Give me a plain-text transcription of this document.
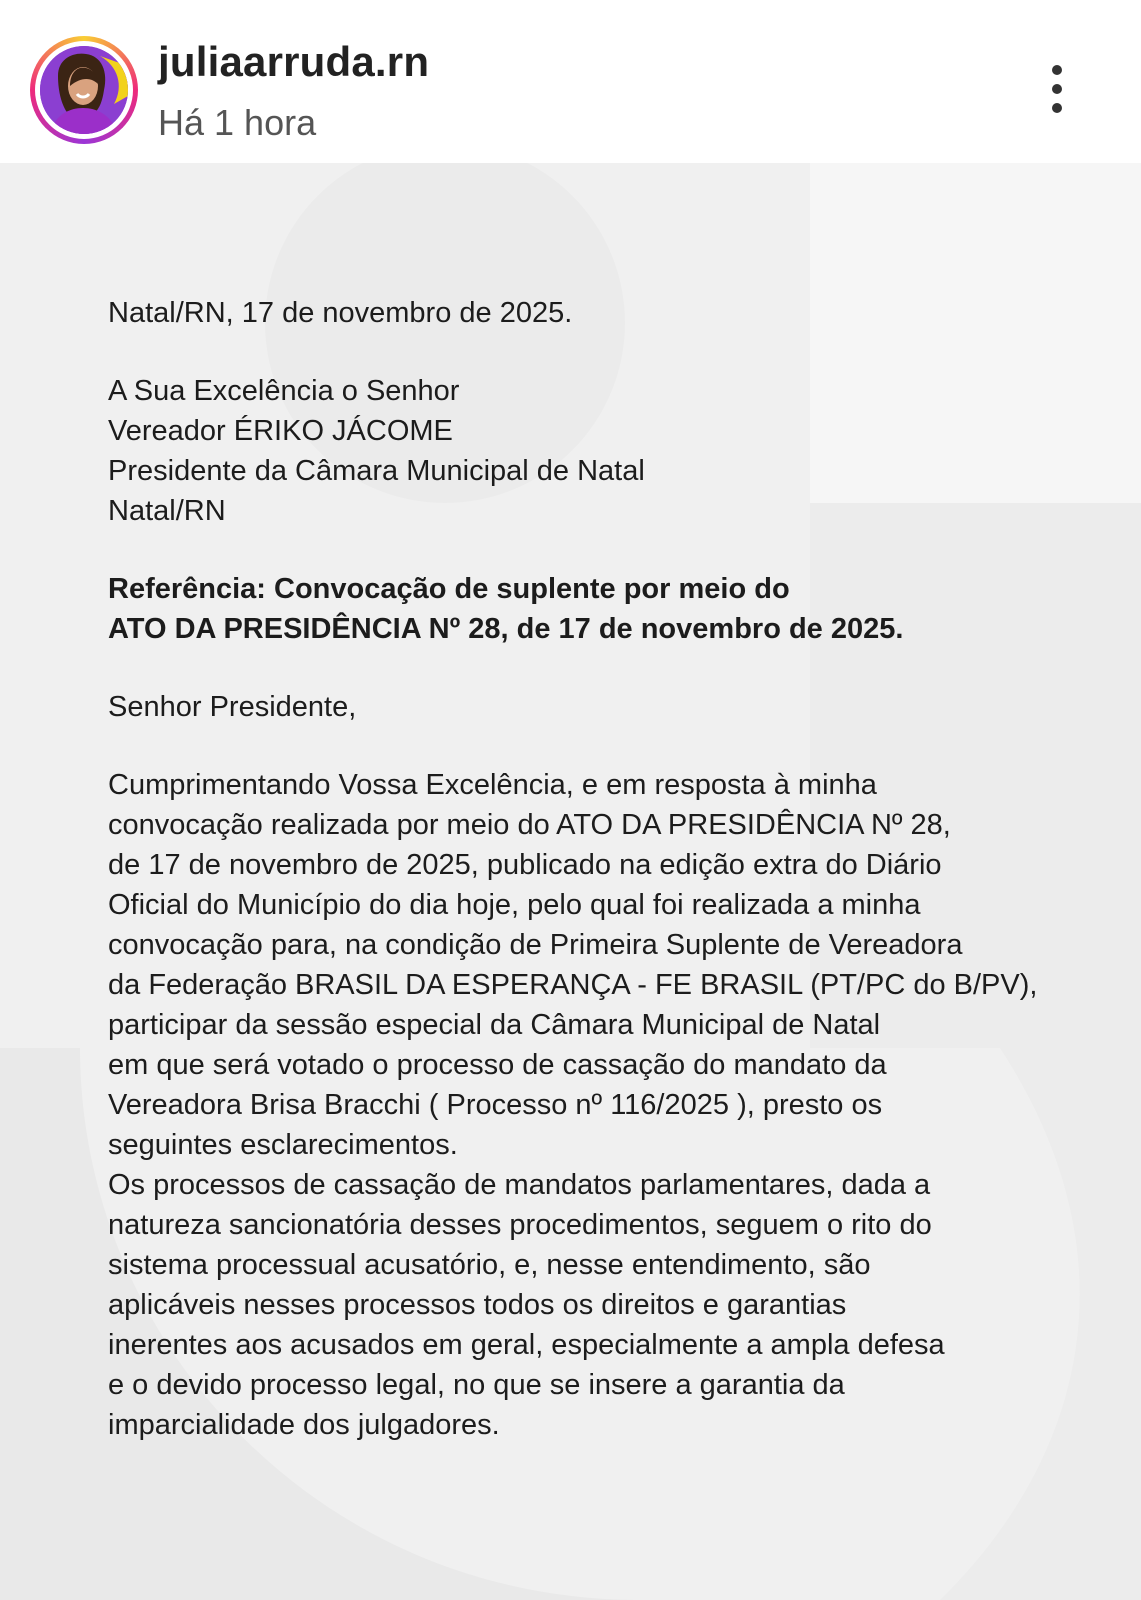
juliaarruda.rn
Há 1 hora

Natal/RN, 17 de novembro de 2025.

A Sua Excelência o Senhor

Vereador ÉRIKO JÁCOME

Presidente da Câmara Municipal de Natal

Natal/RN

Referência: Convocação de suplente por meio do

ATO DA PRESIDÊNCIA Nº 28, de 17 de novembro de 2025.

Senhor Presidente,

Cumprimentando Vossa Excelência, e em resposta à minha

convocação realizada por meio do ATO DA PRESIDÊNCIA Nº 28,

de 17 de novembro de 2025, publicado na edição extra do Diário

Oficial do Município do dia hoje, pelo qual foi realizada a minha

convocação para, na condição de Primeira Suplente de Vereadora

da Federação BRASIL DA ESPERANÇA - FE BRASIL (PT/PC do B/PV),

participar da sessão especial da Câmara Municipal de Natal

em que será votado o processo de cassação do mandato da

Vereadora Brisa Bracchi ( Processo nº 116/2025 ), presto os

seguintes esclarecimentos.

Os processos de cassação de mandatos parlamentares, dada a

natureza sancionatória desses procedimentos, seguem o rito do

sistema processual acusatório, e, nesse entendimento, são

aplicáveis nesses processos todos os direitos e garantias

inerentes aos acusados em geral, especialmente a ampla defesa

e o devido processo legal, no que se insere a garantia da

imparcialidade dos julgadores.
